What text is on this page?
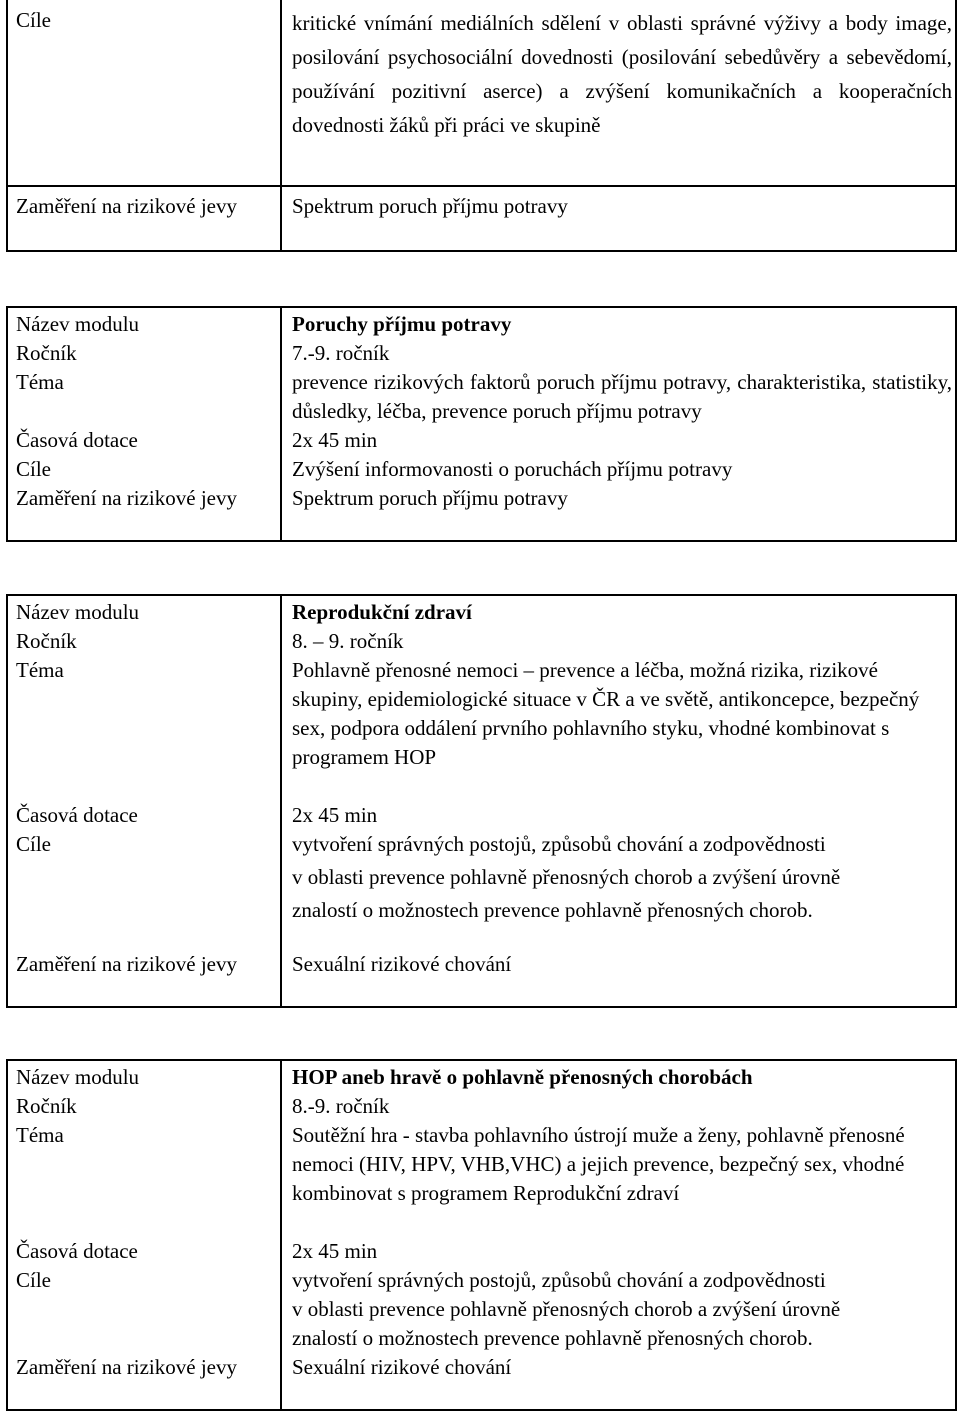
Cíle	kritické vnímání mediálních sdělení v oblasti správné výživy a body image, posilování psychosociální dovednosti (posilování sebedůvěry a sebevědomí, používání pozitivní aserce) a zvýšení komunikačních a kooperačních dovednosti žáků při práci ve skupině
Zaměření na rizikové jevy	Spektrum poruch příjmu potravy
Název modulu	Poruchy příjmu potravy
Ročník	7.-9. ročník
Téma	prevence rizikových faktorů poruch příjmu potravy, charakteristika, statistiky, důsledky, léčba, prevence poruch příjmu potravy
Časová dotace	2x 45 min
Cíle	Zvýšení informovanosti o poruchách příjmu potravy
Zaměření na rizikové jevy	Spektrum poruch příjmu potravy
Název modulu	Reprodukční zdraví
Ročník	8. – 9. ročník
Téma	Pohlavně přenosné nemoci – prevence a léčba, možná rizika, rizikové skupiny, epidemiologické situace v ČR a ve světě, antikoncepce, bezpečný sex, podpora oddálení prvního pohlavního styku, vhodné kombinovat s programem HOP
Časová dotace	2x 45 min
Cíle	vytvoření správných postojů, způsobů chování a zodpovědnosti
v oblasti prevence pohlavně přenosných chorob a zvýšení úrovně
znalostí o možnostech prevence pohlavně přenosných chorob.
Zaměření na rizikové jevy	Sexuální rizikové chování
Název modulu	HOP aneb hravě o pohlavně přenosných chorobách
Ročník	8.-9. ročník
Téma	Soutěžní hra - stavba pohlavního ústrojí muže a ženy, pohlavně přenosné nemoci (HIV, HPV, VHB,VHC) a jejich prevence, bezpečný sex, vhodné kombinovat s programem Reprodukční zdraví
Časová dotace	2x 45 min
Cíle	vytvoření správných postojů, způsobů chování a zodpovědnosti
v oblasti prevence pohlavně přenosných chorob a zvýšení úrovně
znalostí o možnostech prevence pohlavně přenosných chorob.
Zaměření na rizikové jevy	Sexuální rizikové chování
